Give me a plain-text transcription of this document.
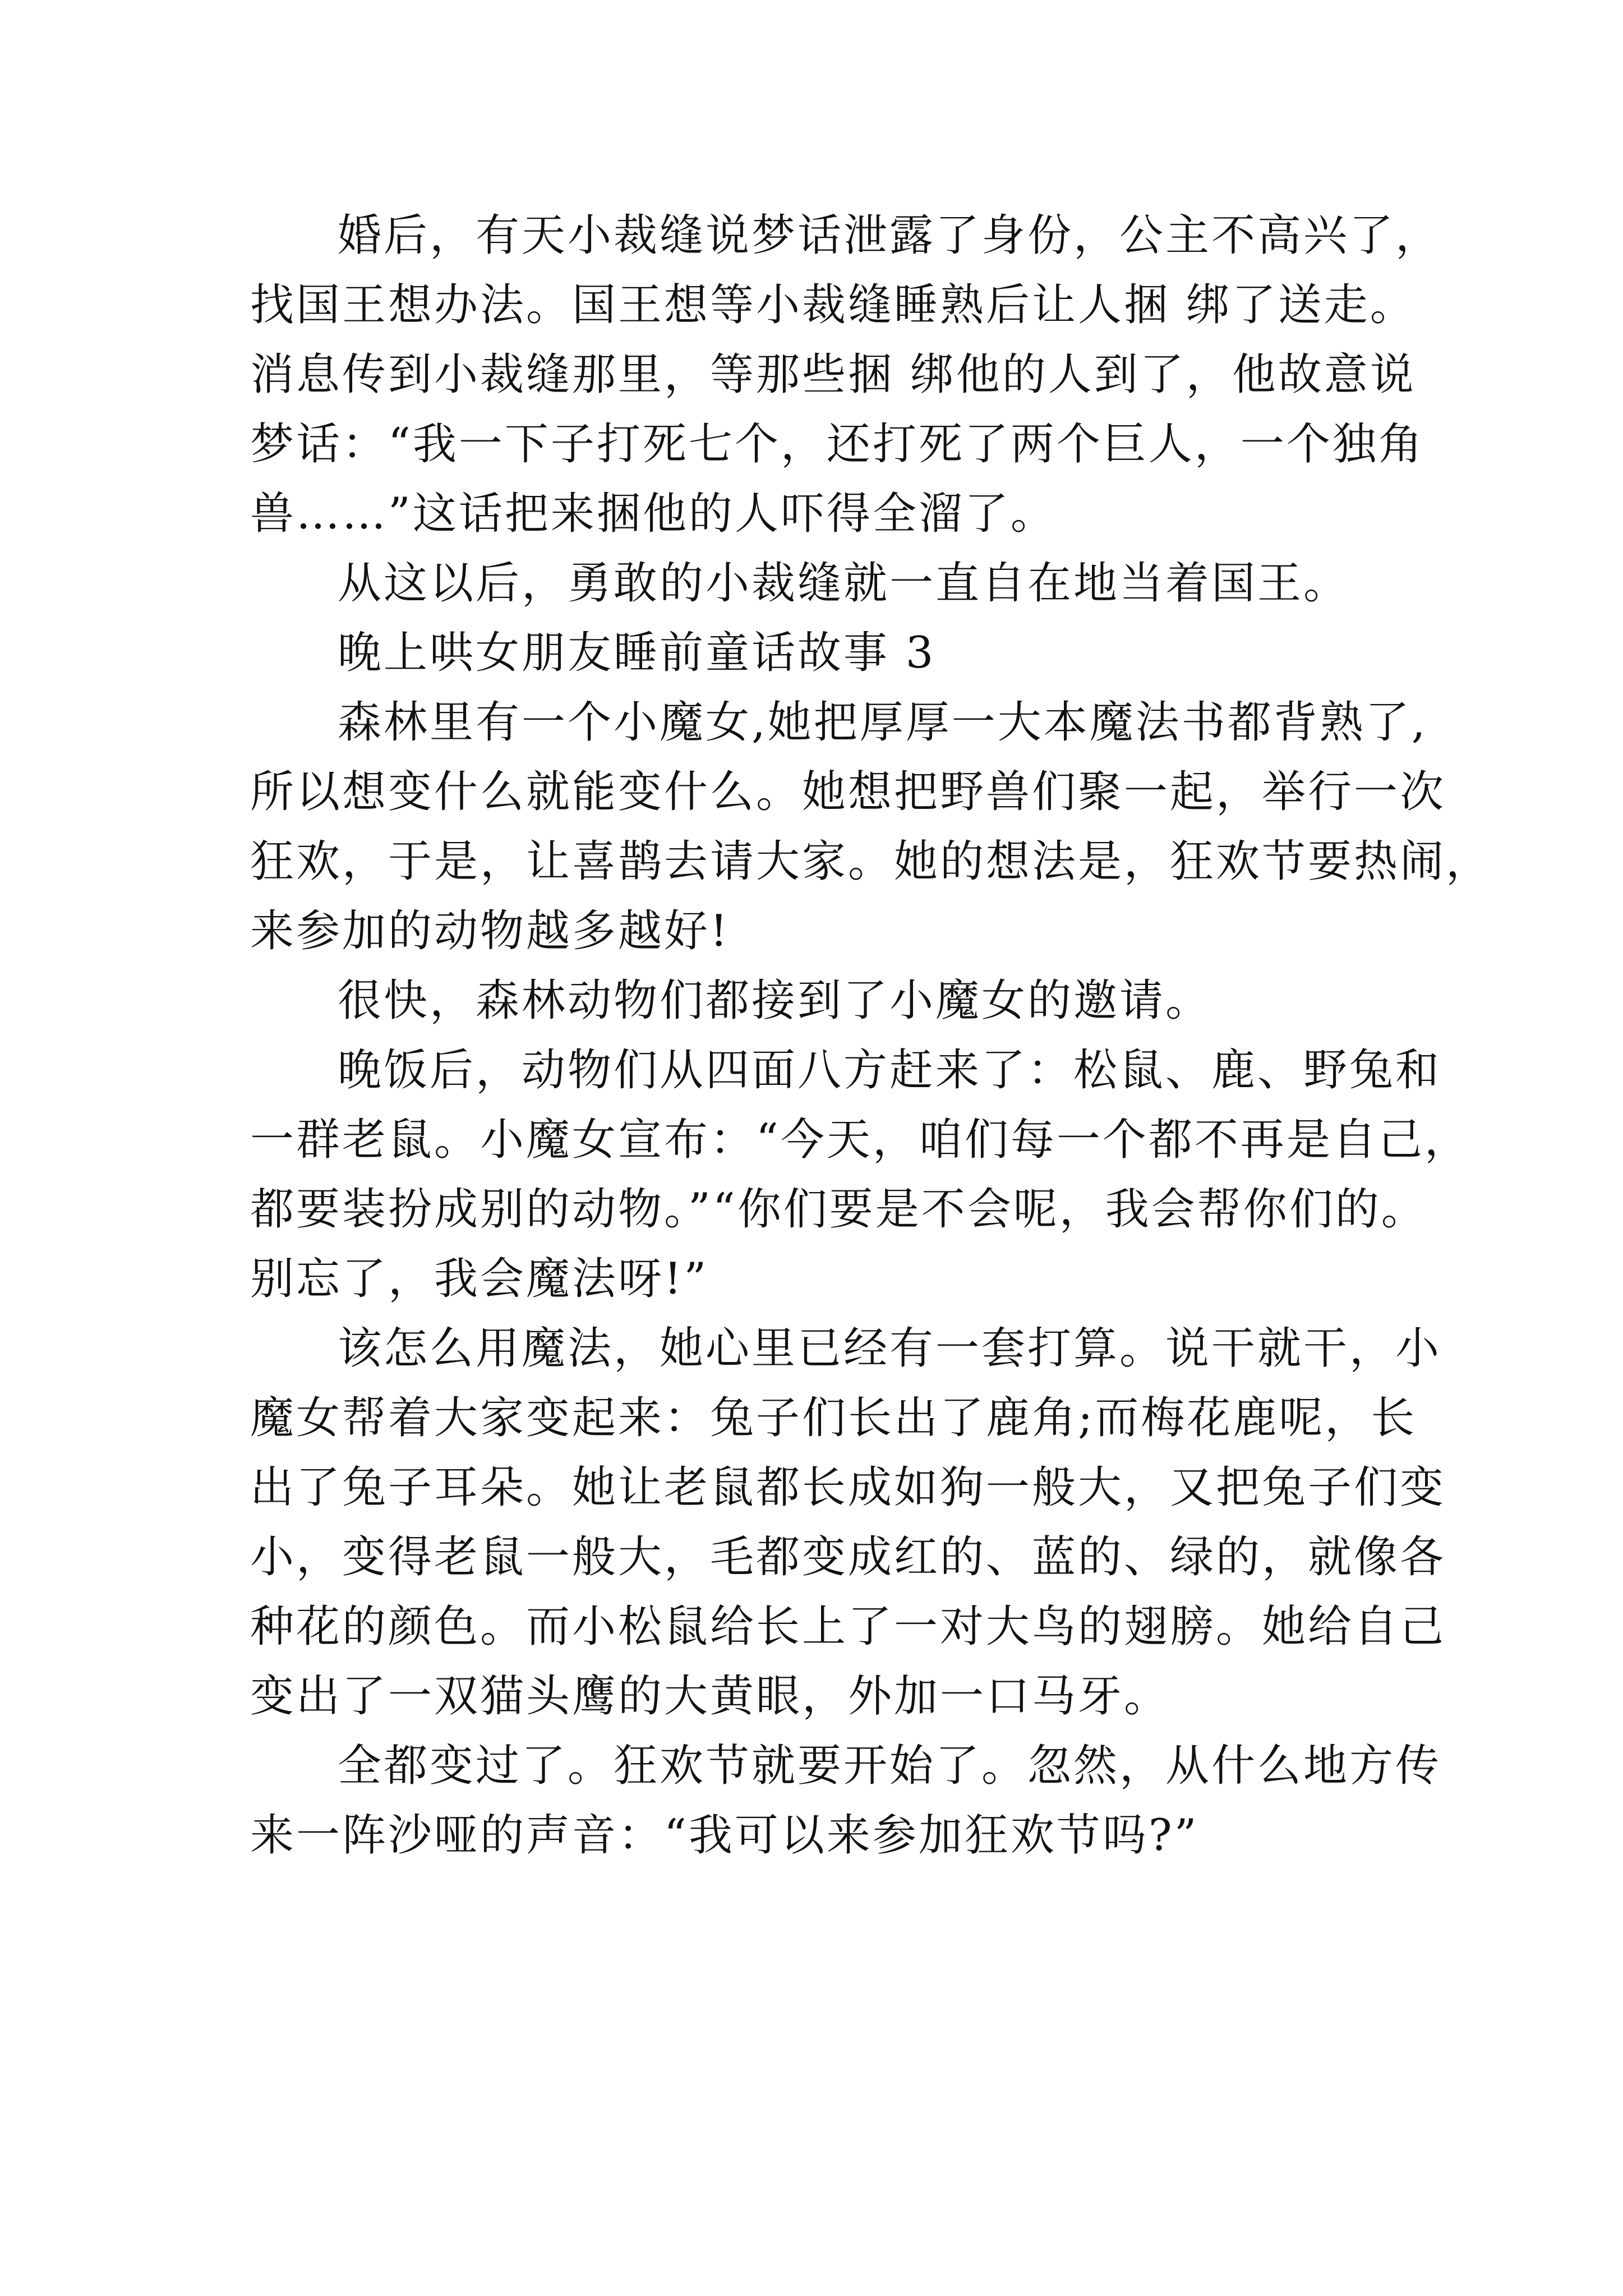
婚后，有天小裁缝说梦话泄露了身份，公主不高兴了，
找国王想办法。国王想等小裁缝睡熟后让人捆 绑了送走。
消息传到小裁缝那里，等那些捆 绑他的人到了，他故意说
梦话：“我一下子打死七个，还打死了两个巨人，一个独角
兽……”这话把来捆他的人吓得全溜了。
从这以后，勇敢的小裁缝就一直自在地当着国王。
晚上哄女朋友睡前童话故事 3
森林里有一个小魔女,她把厚厚一大本魔法书都背熟了,
所以想变什么就能变什么。她想把野兽们聚一起，举行一次
狂欢，于是，让喜鹊去请大家。她的想法是，狂欢节要热闹，
来参加的动物越多越好!
很快，森林动物们都接到了小魔女的邀请。
晚饭后，动物们从四面八方赶来了：松鼠、鹿、野兔和
一群老鼠。小魔女宣布：“今天，咱们每一个都不再是自己，
都要装扮成别的动物。”“你们要是不会呢，我会帮你们的。
别忘了，我会魔法呀!”
该怎么用魔法，她心里已经有一套打算。说干就干，小
魔女帮着大家变起来：兔子们长出了鹿角;而梅花鹿呢，长
出了兔子耳朵。她让老鼠都长成如狗一般大，又把兔子们变
小，变得老鼠一般大，毛都变成红的、蓝的、绿的，就像各
种花的颜色。而小松鼠给长上了一对大鸟的翅膀。她给自己
变出了一双猫头鹰的大黄眼，外加一口马牙。
全都变过了。狂欢节就要开始了。忽然，从什么地方传
来一阵沙哑的声音：“我可以来参加狂欢节吗?”
